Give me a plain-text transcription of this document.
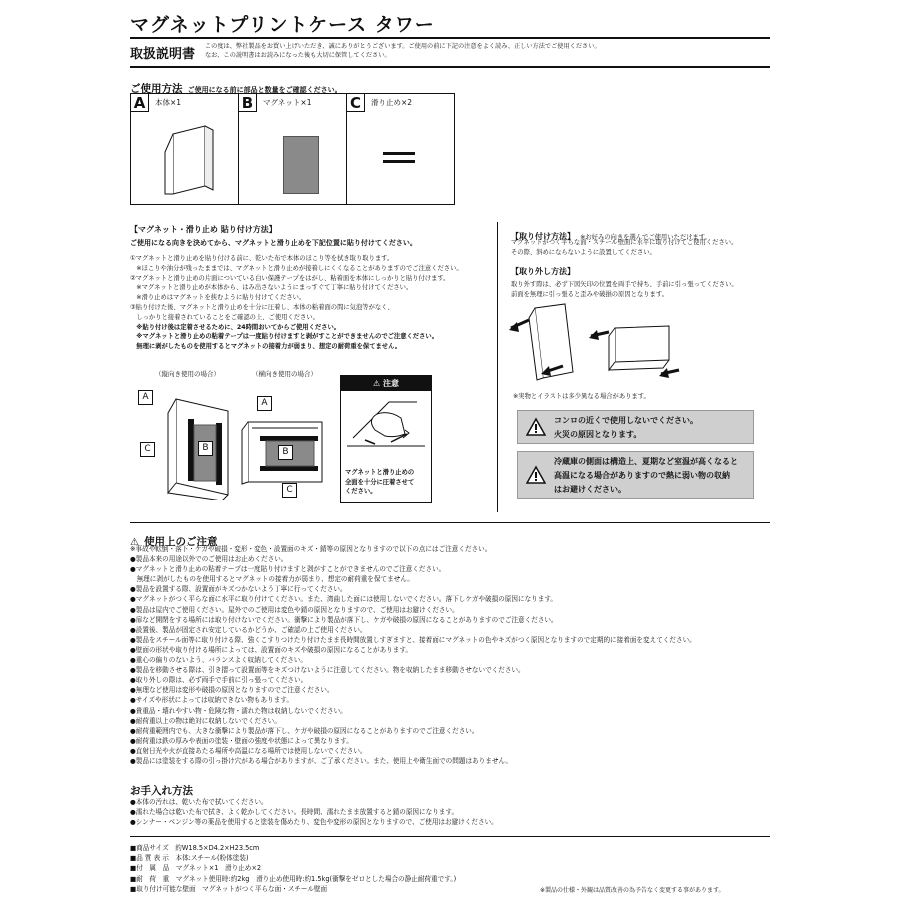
マグネットプリントケース タワー
取扱説明書
この度は、弊社製品をお買い上げいただき、誠にありがとうございます。ご使用の前に下記の注意をよく読み、正しい方法でご使用ください。
なお、この説明書はお読みになった後も大切に保管してください。
ご使用方法 ご使用になる前に部品と数量をご確認ください。
A	本体×1	B	マグネット×1	C	滑り止め×2
【マグネット・滑り止め 貼り付け方法】
ご使用になる向きを決めてから、マグネットと滑り止めを下記位置に貼り付けてください。
①マグネットと滑り止めを貼り付ける前に、乾いた布で本体のほこり等を拭き取り取ります。
　※ほこりや油分が残ったままでは、マグネットと滑り止めが接着しにくくなることがありますのでご注意ください。
②マグネットと滑り止めの片面についている白い保護テープをはがし、粘着面を本体にしっかりと貼り付けます。
　※マグネットと滑り止めが本体から、はみ出さないようにまっすぐて丁寧に貼り付けてください。
　※滑り止めはマグネットを挟むように貼り付けてください。
③貼り付けた後、マグネットと滑り止めを十分に圧着し、本体の粘着面の間に気泡等がなく、
　しっかりと接着されていることをご確認の上、ご使用ください。
　※貼り付け後は定着させるために、24時間おいてからご使用ください。
　※マグネットと滑り止めの粘着テープは一度貼り付けますと剥がすことができませんのでご注意ください。
　無理に剥がしたものを使用するとマグネットの接着力が弱まり、想定の耐荷重を保てません。
（縦向き使用の場合）	（横向き使用の場合）
A
B
C
A
B
C
⚠ 注意
マグネットと滑り止めの
全面を十分に圧着させて
ください。
【取り付け方法】 ※お好みの向きを選んでご使用いただけます。
マグネットがつく平らな面・スチール壁面に水平に取り付けてご使用ください。
その際、斜めにならないように設置してください。
【取り外し方法】
取り外す際は、必ず下図矢印の位置を両手で持ち、手前に引っ張ってください。
前面を無理に引っ張ると歪みや破損の原因となります。
※実物とイラストは多少異なる場合があります。
コンロの近くで使用しないでください。
火災の原因となります。
冷蔵庫の側面は構造上、夏期など室温が高くなると
高温になる場合がありますので熱に弱い物の収納
はお避けください。
⚠ 使用上のご注意
※事故や転倒・落下・ケガや破損・変形・変色・設置面のキズ・錆等の原因となりますので以下の点にはご注意ください。
●製品本来の用途以外でのご使用はお止めください。
●マグネットと滑り止めの粘着テープは一度貼り付けますと剥がすことができませんのでご注意ください。
　無理に剥がしたものを使用するとマグネットの接着力が弱まり、想定の耐荷重を保てません。
●製品を設置する際、設置面がキズつかないよう丁寧に行ってください。
●マグネットがつく平らな面に水平に取り付けてください。また、湾曲した面には使用しないでください。落下しケガや破損の原因になります。
●製品は屋内でご使用ください。屋外でのご使用は変色や錆の原因となりますので、ご使用はお避けください。
●扉など開閉をする場所には取り付けないでください。衝撃により製品が落下し、ケガや破損の原因になることがありますのでご注意ください。
●設置後、製品が固定され安定しているかどうか、ご確認の上ご使用ください。
●製品をスチール面等に取り付ける際、強くこすりつけたり付けたまま長時間放置しすぎますと、接着面にマグネットの色やキズがつく原因となりますので定期的に接着面を変えてください。
●壁面の形状や取り付ける場所によっては、設置面のキズや破損の原因になることがあります。
●重心の偏りのないよう、バランスよく収納してください。
●製品を移動させる際は、引き摺って設置面等をキズつけないように注意してください。物を収納したまま移動させないでください。
●取り外しの際は、必ず両手で手前に引っ張ってください。
●無理など使用は変形や破損の原因となりますのでご注意ください。
●サイズや形状によっては収納できない物もあります。
●貴重品・壊れやすい物・危険な物・濡れた物は収納しないでください。
●耐荷重以上の物は絶対に収納しないでください。
●耐荷重範囲内でも、大きな衝撃により製品が落下し、ケガや破損の原因になることがありますのでご注意ください。
●耐荷重は鉄の厚みや表面の塗装・壁面の強度や状態によって異なります。
●直射日光や火が直接あたる場所や高温になる場所では使用しないでください。
●製品には塗装をする際の引っ掛け穴がある場合がありますが、ご了承ください。また、使用上や衛生面での問題はありません。
お手入れ方法
●本体の汚れは、乾いた布で拭いてください。
●濡れた場合は乾いた布で拭き、よく乾かしてください。長時間、濡れたまま放置すると錆の原因になります。
●シンナー・ベンジン等の薬品を使用すると塗装を傷めたり、変色や変形の原因となりますので、ご使用はお避けください。
■商品サイズ　約W18.5×D4.2×H23.5cm
■品 質 表 示　本体:スチール(粉体塗装)
■付　属　品　マグネット×1　滑り止め×2
■耐　荷　重　マグネット使用時:約2kg　滑り止め使用時:約1.5kg(衝撃をゼロとした場合の静止耐荷重です。)
■取り付け可能な壁面　マグネットがつく平らな面・スチール壁面	※製品の仕様・外観は品質改善の為予告なく変更する事があります。
